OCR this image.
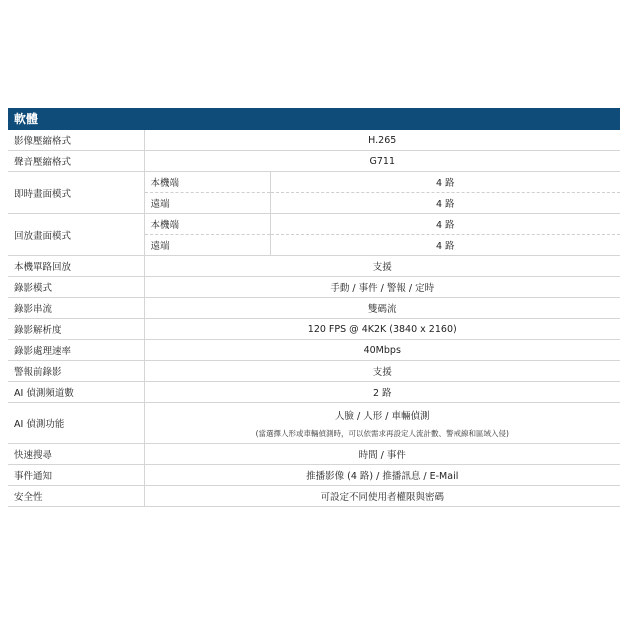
軟體
影像壓縮格式	H.265	
聲音壓縮格式	G711	
即時畫面模式	本機端	4 路
	遠端	4 路
回放畫面模式	本機端	4 路
	遠端	4 路
本機單路回放	支援	
錄影模式	手動 / 事件 / 警報 / 定時	
錄影串流	雙碼流	
錄影解析度	120 FPS @ 4K2K (3840 x 2160)	
錄影處理速率	40Mbps	
警報前錄影	支援	
AI 偵測頻道數	2 路	
AI 偵測功能	人臉 / 人形 / 車輛偵測
(當選擇人形或車輛偵測時，可以依需求再設定人流計數、警戒線和區域入侵)	

快速搜尋	時間 / 事件	
事件通知	推播影像 (4 路) / 推播訊息 / E-Mail	
安全性	可設定不同使用者權限與密碼	
